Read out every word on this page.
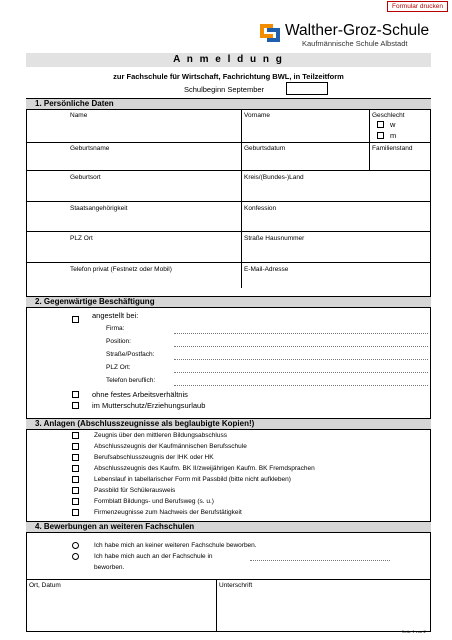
Formular drucken
Walther-Groz-Schule
Kaufmännische Schule Albstadt
A n m e l d u n g
zur Fachschule für Wirtschaft, Fachrichtung BWL, in Teilzeitform
Schulbeginn September
1. Persönliche Daten
Name	Vorname	Geschlecht
w
m
Geburtsname	Geburtsdatum	Familienstand
Geburtsort	Kreis/(Bundes-)Land
Staatsangehörigkeit	Konfession
PLZ Ort	Straße Hausnummer
Telefon privat (Festnetz oder Mobil)	E-Mail-Adresse
2. Gegenwärtige Beschäftigung
angestellt bei:
Firma:
Position:
Straße/Postfach:
PLZ Ort:
Telefon beruflich:
ohne festes Arbeitsverhältnis
im Mutterschutz/Erziehungsurlaub
3. Anlagen (Abschlusszeugnisse als beglaubigte Kopien!)
Zeugnis über den mittleren Bildungsabschluss
Abschlusszeugnis der Kaufmännischen Berufsschule
Berufsabschlusszeugnis der IHK oder HK
Abschlusszeugnis des Kaufm. BK II/zweijährigen Kaufm. BK Fremdsprachen
Lebenslauf in tabellarischer Form mit Passbild (bitte nicht aufkleben)
Passbild für Schülerausweis
Formblatt Bildungs- und Berufsweg (s. u.)
Firmenzeugnisse zum Nachweis der Berufstätigkeit
4. Bewerbungen an weiteren Fachschulen
Ich habe mich an keiner weiteren Fachschule beworben.
Ich habe mich auch an der Fachschule in
beworben.
Ort, Datum	Unterschrift
Seite 1 von 2
